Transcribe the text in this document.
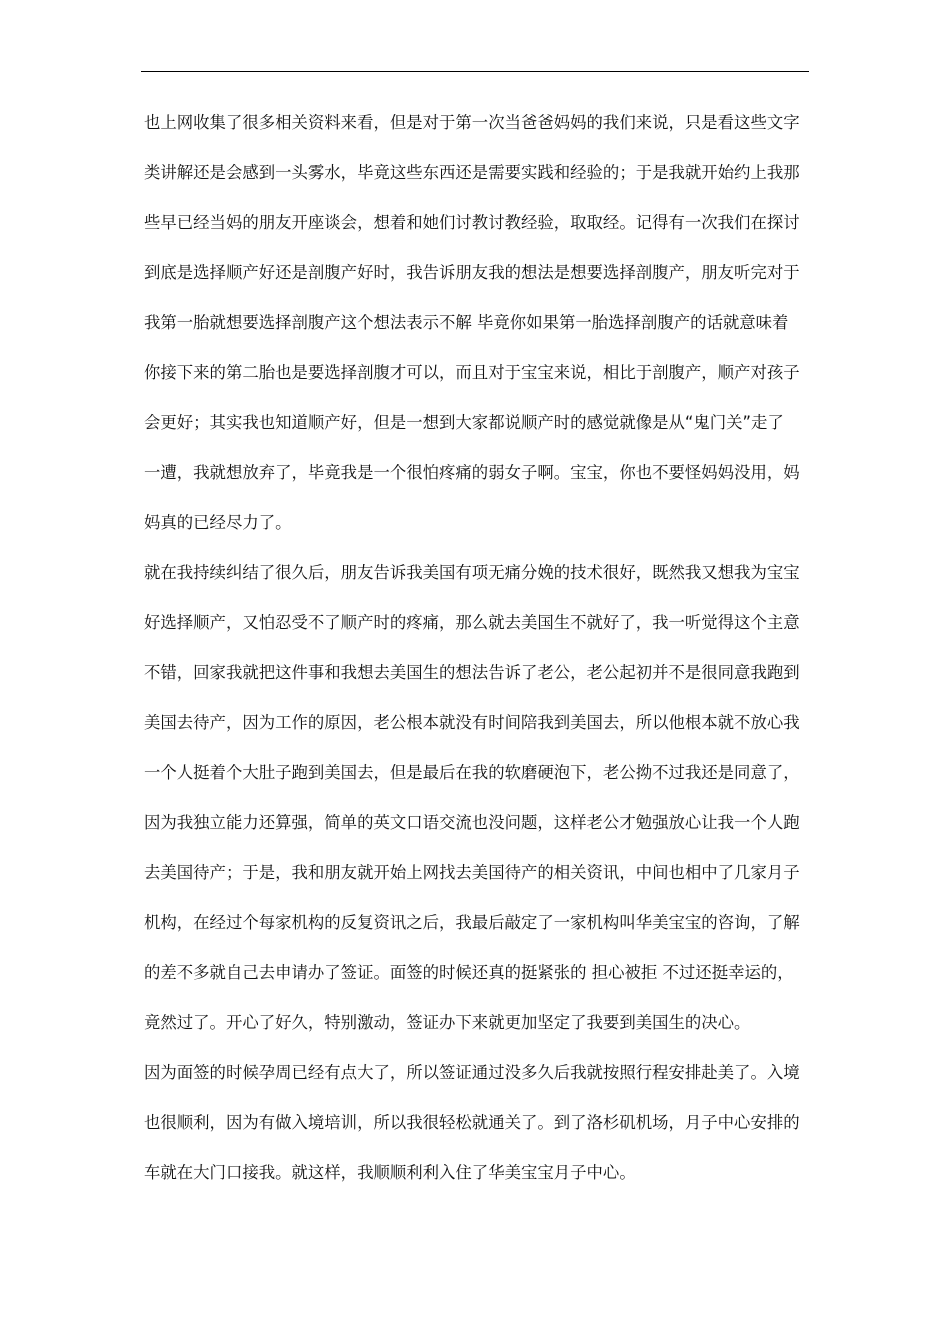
也上网收集了很多相关资料来看，但是对于第一次当爸爸妈妈的我们来说，只是看这些文字
类讲解还是会感到一头雾水，毕竟这些东西还是需要实践和经验的；于是我就开始约上我那
些早已经当妈的朋友开座谈会，想着和她们讨教讨教经验，取取经。记得有一次我们在探讨
到底是选择顺产好还是剖腹产好时，我告诉朋友我的想法是想要选择剖腹产，朋友听完对于
我第一胎就想要选择剖腹产这个想法表示不解 毕竟你如果第一胎选择剖腹产的话就意味着
你接下来的第二胎也是要选择剖腹才可以，而且对于宝宝来说，相比于剖腹产，顺产对孩子
会更好；其实我也知道顺产好，但是一想到大家都说顺产时的感觉就像是从“鬼门关”走了
一遭，我就想放弃了，毕竟我是一个很怕疼痛的弱女子啊。宝宝，你也不要怪妈妈没用，妈
妈真的已经尽力了。
就在我持续纠结了很久后，朋友告诉我美国有项无痛分娩的技术很好，既然我又想我为宝宝
好选择顺产，又怕忍受不了顺产时的疼痛，那么就去美国生不就好了，我一听觉得这个主意
不错，回家我就把这件事和我想去美国生的想法告诉了老公，老公起初并不是很同意我跑到
美国去待产，因为工作的原因，老公根本就没有时间陪我到美国去，所以他根本就不放心我
一个人挺着个大肚子跑到美国去，但是最后在我的软磨硬泡下，老公拗不过我还是同意了，
因为我独立能力还算强，简单的英文口语交流也没问题，这样老公才勉强放心让我一个人跑
去美国待产；于是，我和朋友就开始上网找去美国待产的相关资讯，中间也相中了几家月子
机构，在经过个每家机构的反复资讯之后，我最后敲定了一家机构叫华美宝宝的咨询，了解
的差不多就自己去申请办了签证。面签的时候还真的挺紧张的 担心被拒 不过还挺幸运的，
竟然过了。开心了好久，特别激动，签证办下来就更加坚定了我要到美国生的决心。
因为面签的时候孕周已经有点大了，所以签证通过没多久后我就按照行程安排赴美了。入境
也很顺利，因为有做入境培训，所以我很轻松就通关了。到了洛杉矶机场，月子中心安排的
车就在大门口接我。就这样，我顺顺利利入住了华美宝宝月子中心。
